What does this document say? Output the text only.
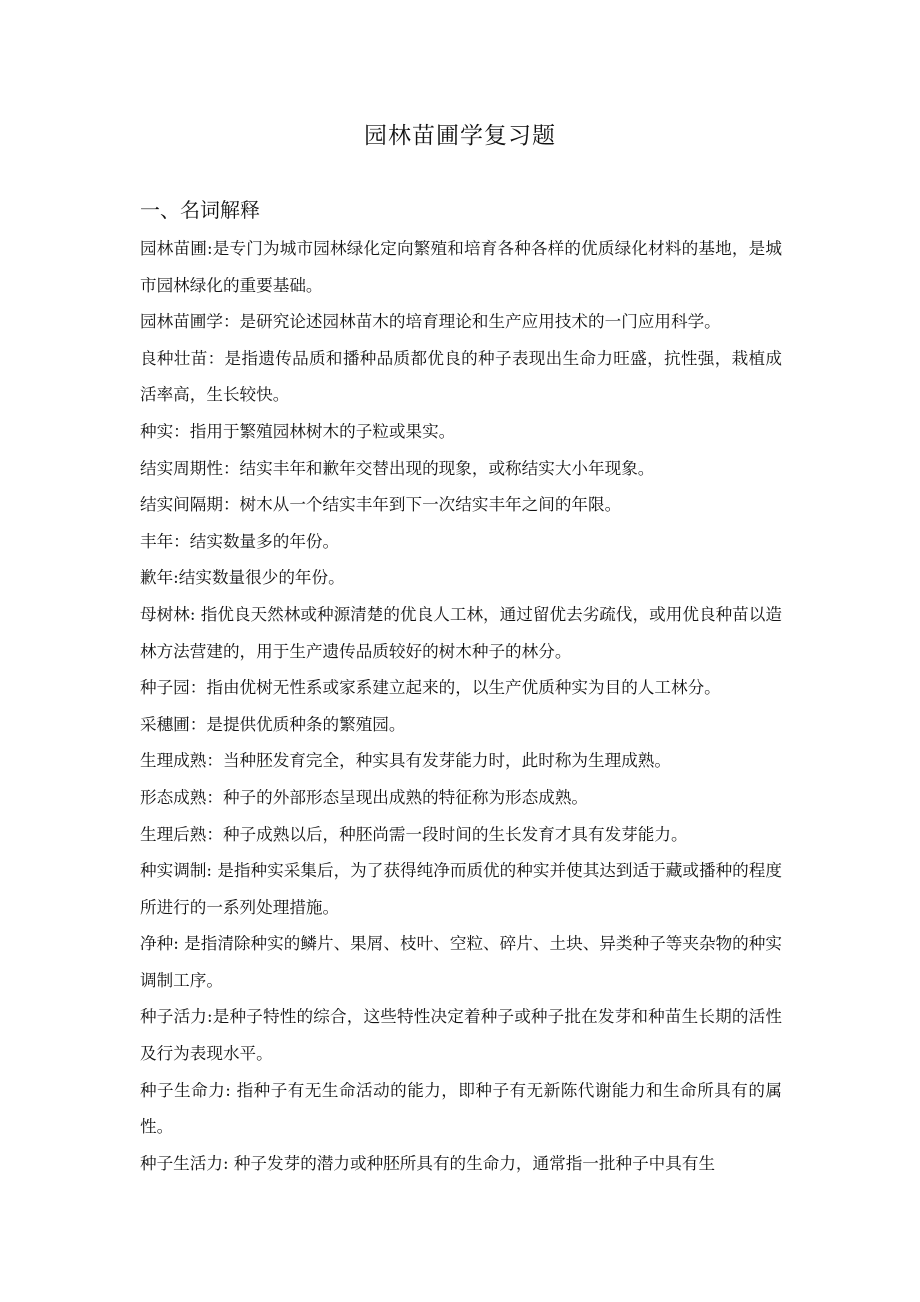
园林苗圃学复习题
一、名词解释

园林苗圃:是专门为城市园林绿化定向繁殖和培育各种各样的优质绿化材料的基地，是城市园林绿化的重要基础。

园林苗圃学：是研究论述园林苗木的培育理论和生产应用技术的一门应用科学。

良种壮苗：是指遗传品质和播种品质都优良的种子表现出生命力旺盛，抗性强，栽植成活率高，生长较快。

种实：指用于繁殖园林树木的子粒或果实。

结实周期性：结实丰年和歉年交替出现的现象，或称结实大小年现象。

结实间隔期：树木从一个结实丰年到下一次结实丰年之间的年限。

丰年：结实数量多的年份。

歉年:结实数量很少的年份。

母树林: 指优良天然林或种源清楚的优良人工林，通过留优去劣疏伐，或用优良种苗以造林方法营建的，用于生产遗传品质较好的树木种子的林分。

种子园：指由优树无性系或家系建立起来的，以生产优质种实为目的人工林分。

采穗圃：是提供优质种条的繁殖园。

生理成熟：当种胚发育完全，种实具有发芽能力时，此时称为生理成熟。

形态成熟：种子的外部形态呈现出成熟的特征称为形态成熟。

生理后熟：种子成熟以后，种胚尚需一段时间的生长发育才具有发芽能力。

种实调制: 是指种实采集后，为了获得纯净而质优的种实并使其达到适于藏或播种的程度所进行的一系列处理措施。

净种: 是指清除种实的鳞片、果屑、枝叶、空粒、碎片、土块、异类种子等夹杂物的种实调制工序。

种子活力:是种子特性的综合，这些特性决定着种子或种子批在发芽和种苗生长期的活性及行为表现水平。

种子生命力: 指种子有无生命活动的能力，即种子有无新陈代谢能力和生命所具有的属性。

种子生活力: 种子发芽的潜力或种胚所具有的生命力，通常指一批种子中具有生
